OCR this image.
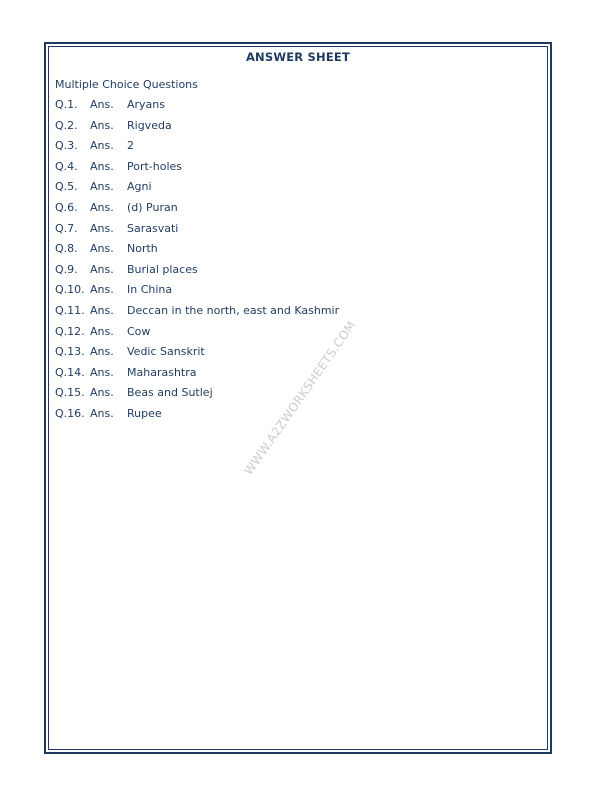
ANSWER SHEET
Multiple Choice Questions
Q.1.	Ans.	Aryans
Q.2.	Ans.	Rigveda
Q.3.	Ans.	2
Q.4.	Ans.	Port-holes
Q.5.	Ans.	Agni
Q.6.	Ans.	(d) Puran
Q.7.	Ans.	Sarasvati
Q.8.	Ans.	North
Q.9.	Ans.	Burial places
Q.10. Ans.	In China
Q.11. Ans.	Deccan in the north, east and Kashmir
Q.12. Ans.	Cow
Q.13. Ans.	Vedic Sanskrit
Q.14. Ans.	Maharashtra
Q.15. Ans.	Beas and Sutlej
Q.16. Ans.	Rupee	WWW.A2ZWORKSHEETS.COM
